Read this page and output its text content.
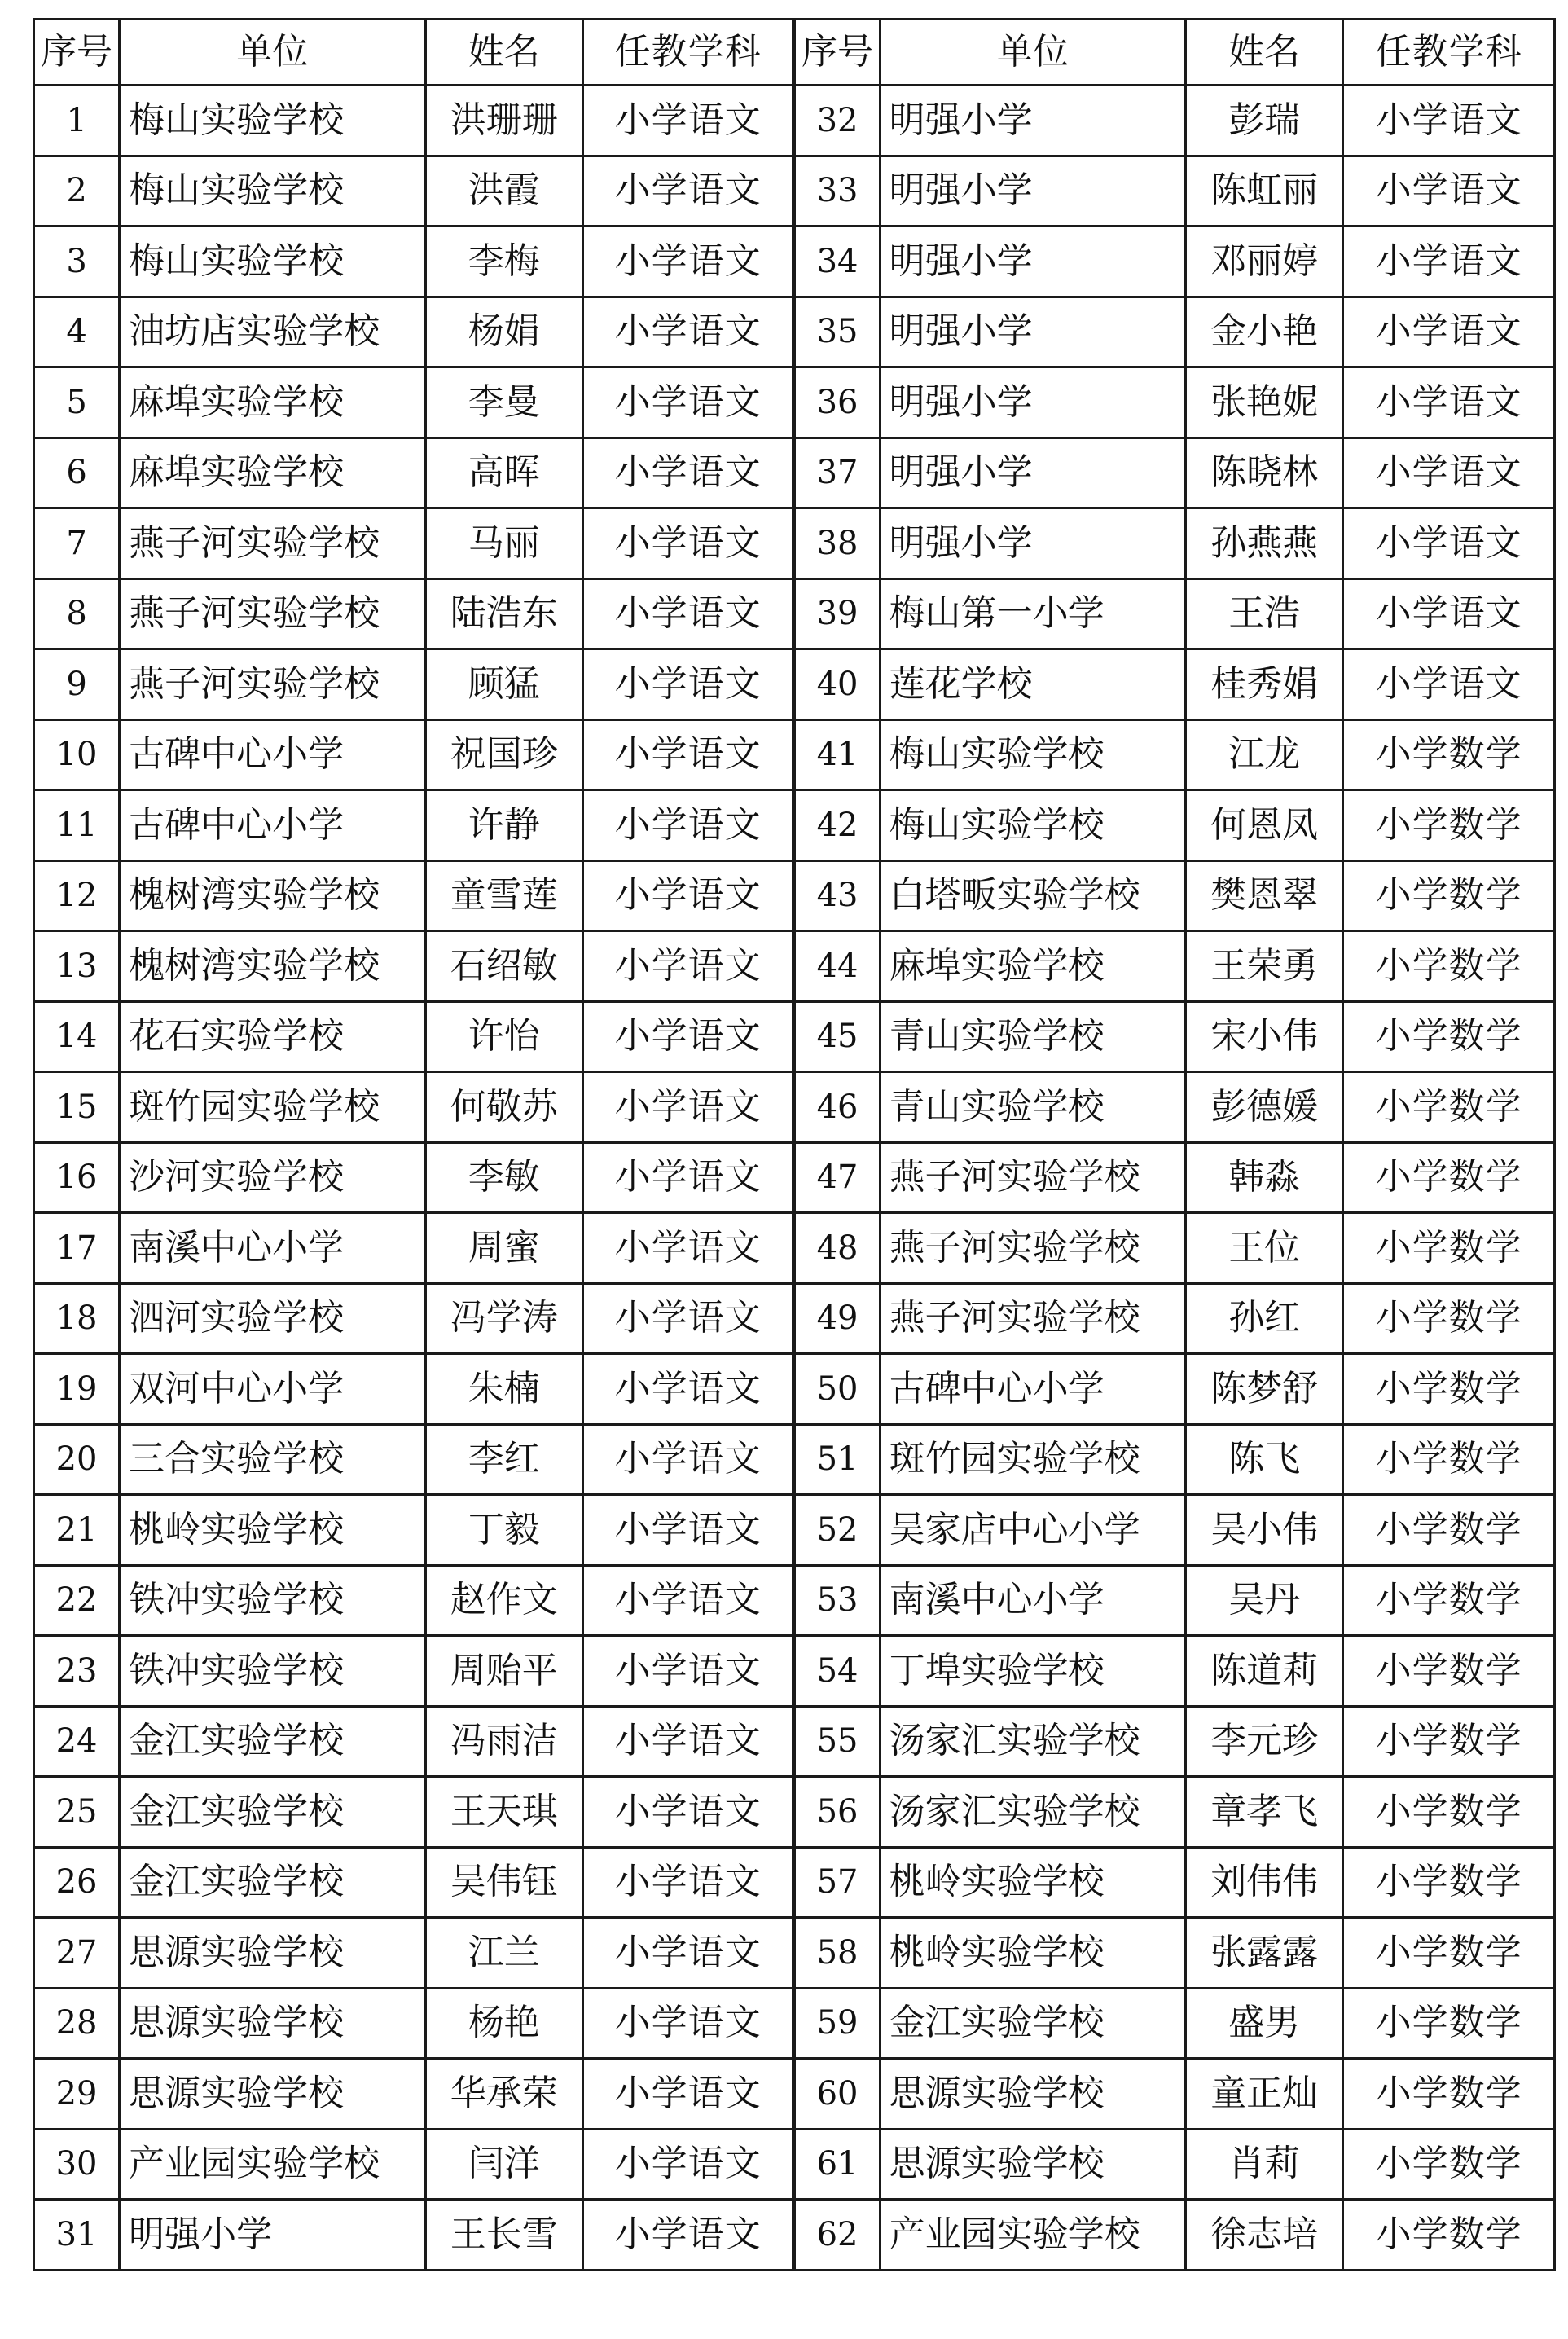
序号	单位	姓名	任教学科	序号	单位	姓名	任教学科
1	梅山实验学校	洪珊珊	小学语文	32	明强小学	彭瑞	小学语文
2	梅山实验学校	洪霞	小学语文	33	明强小学	陈虹丽	小学语文
3	梅山实验学校	李梅	小学语文	34	明强小学	邓丽婷	小学语文
4	油坊店实验学校	杨娟	小学语文	35	明强小学	金小艳	小学语文
5	麻埠实验学校	李曼	小学语文	36	明强小学	张艳妮	小学语文
6	麻埠实验学校	高晖	小学语文	37	明强小学	陈晓林	小学语文
7	燕子河实验学校	马丽	小学语文	38	明强小学	孙燕燕	小学语文
8	燕子河实验学校	陆浩东	小学语文	39	梅山第一小学	王浩	小学语文
9	燕子河实验学校	顾猛	小学语文	40	莲花学校	桂秀娟	小学语文
10	古碑中心小学	祝国珍	小学语文	41	梅山实验学校	江龙	小学数学
11	古碑中心小学	许静	小学语文	42	梅山实验学校	何恩凤	小学数学
12	槐树湾实验学校	童雪莲	小学语文	43	白塔畈实验学校	樊恩翠	小学数学
13	槐树湾实验学校	石绍敏	小学语文	44	麻埠实验学校	王荣勇	小学数学
14	花石实验学校	许怡	小学语文	45	青山实验学校	宋小伟	小学数学
15	斑竹园实验学校	何敬苏	小学语文	46	青山实验学校	彭德媛	小学数学
16	沙河实验学校	李敏	小学语文	47	燕子河实验学校	韩淼	小学数学
17	南溪中心小学	周蜜	小学语文	48	燕子河实验学校	王位	小学数学
18	泗河实验学校	冯学涛	小学语文	49	燕子河实验学校	孙红	小学数学
19	双河中心小学	朱楠	小学语文	50	古碑中心小学	陈梦舒	小学数学
20	三合实验学校	李红	小学语文	51	斑竹园实验学校	陈飞	小学数学
21	桃岭实验学校	丁毅	小学语文	52	吴家店中心小学	吴小伟	小学数学
22	铁冲实验学校	赵作文	小学语文	53	南溪中心小学	吴丹	小学数学
23	铁冲实验学校	周贻平	小学语文	54	丁埠实验学校	陈道莉	小学数学
24	金江实验学校	冯雨洁	小学语文	55	汤家汇实验学校	李元珍	小学数学
25	金江实验学校	王天琪	小学语文	56	汤家汇实验学校	章孝飞	小学数学
26	金江实验学校	吴伟钰	小学语文	57	桃岭实验学校	刘伟伟	小学数学
27	思源实验学校	江兰	小学语文	58	桃岭实验学校	张露露	小学数学
28	思源实验学校	杨艳	小学语文	59	金江实验学校	盛男	小学数学
29	思源实验学校	华承荣	小学语文	60	思源实验学校	童正灿	小学数学
30	产业园实验学校	闫洋	小学语文	61	思源实验学校	肖莉	小学数学
31	明强小学	王长雪	小学语文	62	产业园实验学校	徐志培	小学数学
